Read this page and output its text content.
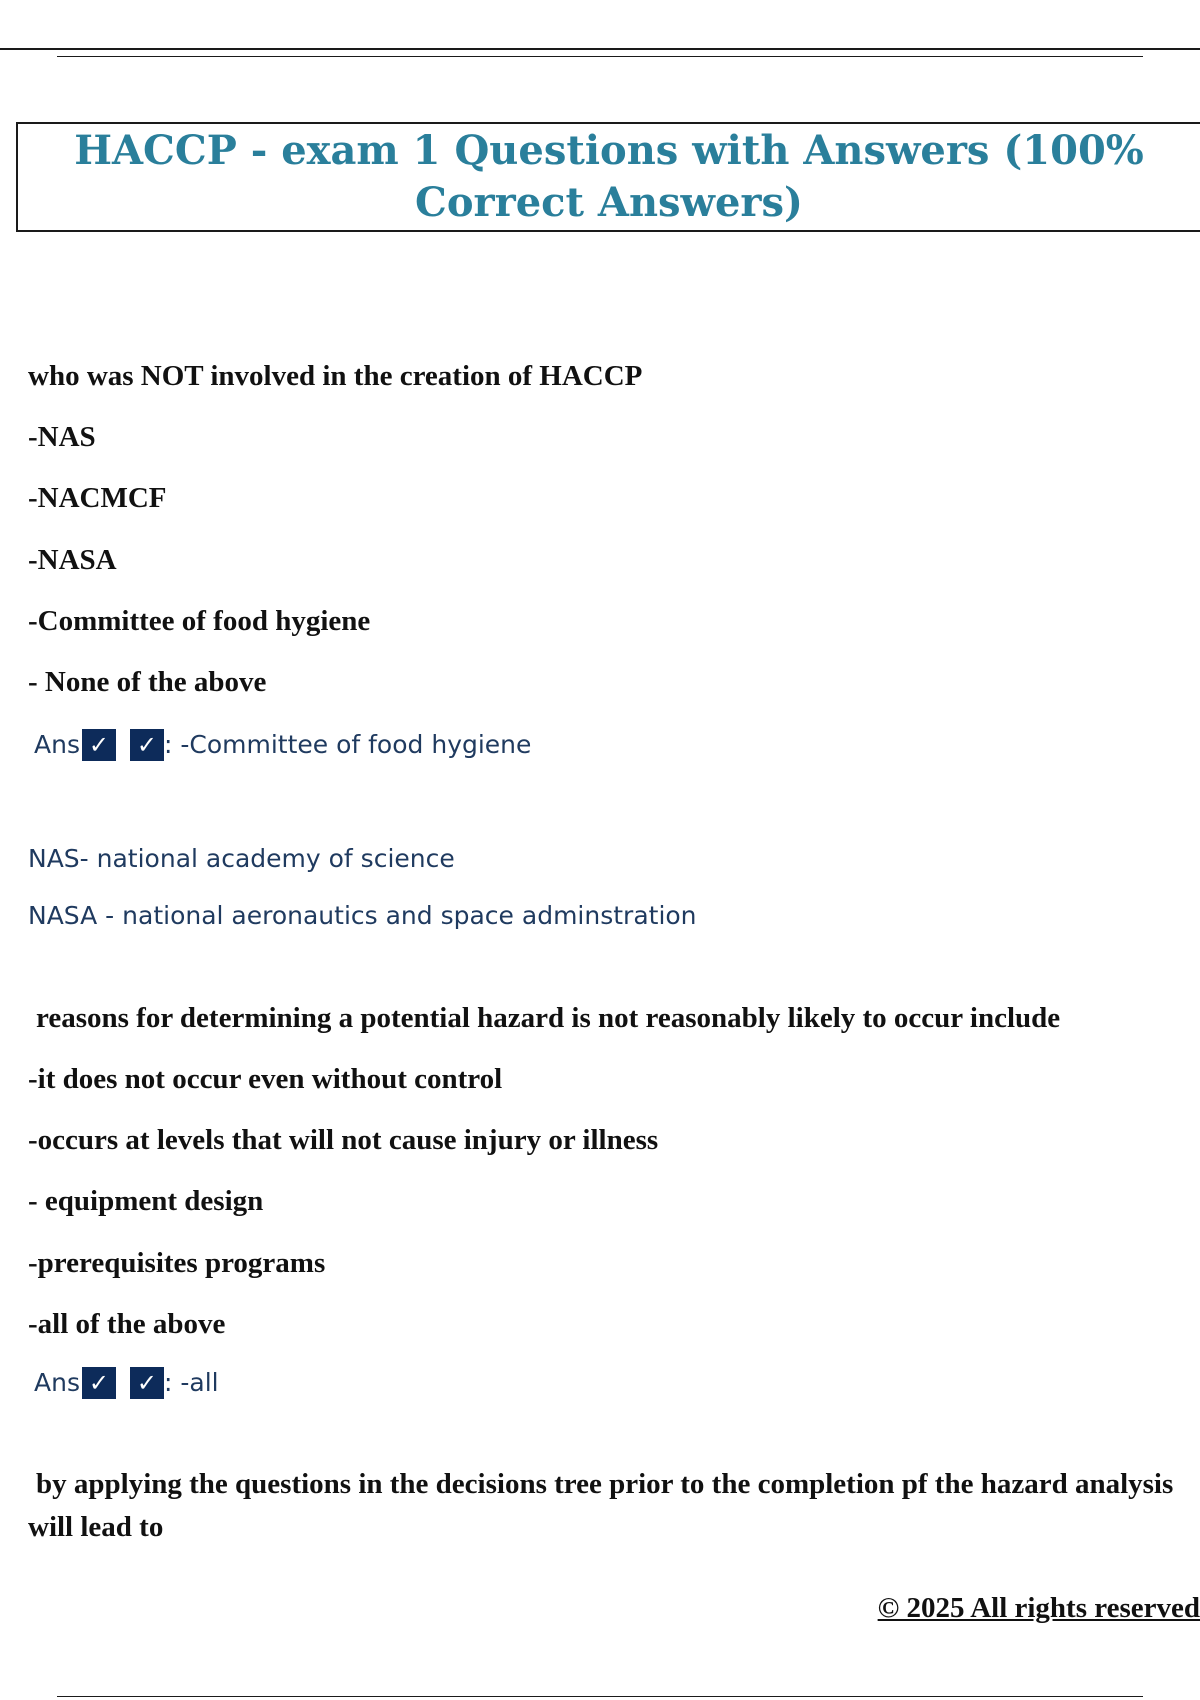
HACCP - exam 1 Questions with Answers (100% Correct Answers)

who was NOT involved in the creation of HACCP

-NAS

-NACMCF

-NASA

-Committee of food hygiene

- None of the above

Ans ✓ ✓ : -Committee of food hygiene

NAS- national academy of science

NASA - national aeronautics and space adminstration

reasons for determining a potential hazard is not reasonably likely to occur include

-it does not occur even without control

-occurs at levels that will not cause injury or illness

- equipment design

-prerequisites programs

-all of the above

Ans ✓ ✓ : -all

by applying the questions in the decisions tree prior to the completion pf the hazard analysis will lead to

© 2025 All rights reserved
